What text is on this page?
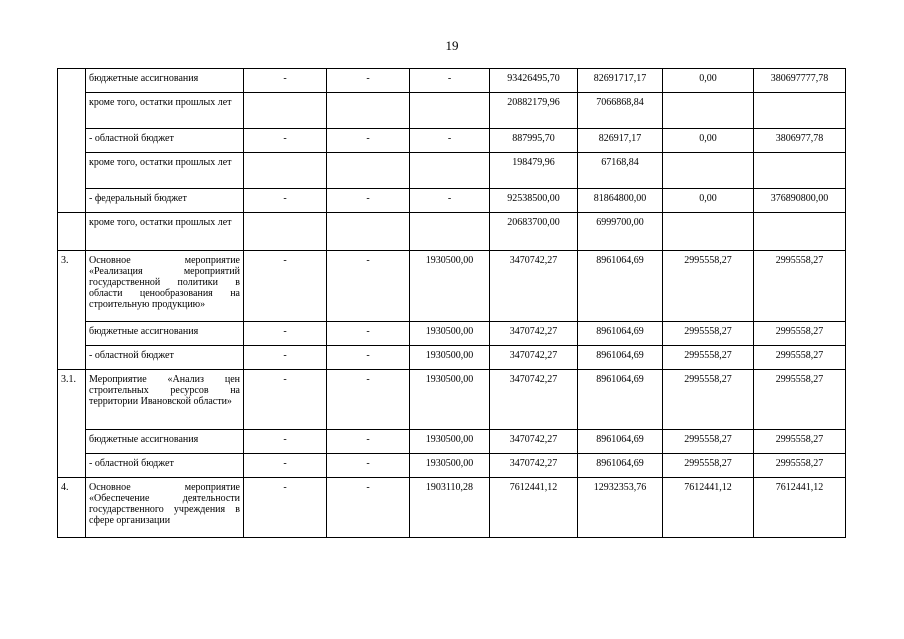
19
	бюджетные ассигнования	-	-	-	93426495,70	82691717,17	0,00	380697777,78
	кроме того, остатки прошлых лет				20882179,96	7066868,84		
	- областной бюджет	-	-	-	887995,70	826917,17	0,00	3806977,78
	кроме того, остатки прошлых лет				198479,96	67168,84		
	- федеральный бюджет	-	-	-	92538500,00	81864800,00	0,00	376890800,00
	кроме того, остатки прошлых лет				20683700,00	6999700,00		
3.	Основное мероприятие «Реализация мероприятий государственной политики в области ценообразования на строительную продукцию»	-	-	1930500,00	3470742,27	8961064,69	2995558,27	2995558,27
	бюджетные ассигнования	-	-	1930500,00	3470742,27	8961064,69	2995558,27	2995558,27
	- областной бюджет	-	-	1930500,00	3470742,27	8961064,69	2995558,27	2995558,27
3.1.	Мероприятие «Анализ цен строительных ресурсов на территории Ивановской области»	-	-	1930500,00	3470742,27	8961064,69	2995558,27	2995558,27
	бюджетные ассигнования	-	-	1930500,00	3470742,27	8961064,69	2995558,27	2995558,27
	- областной бюджет	-	-	1930500,00	3470742,27	8961064,69	2995558,27	2995558,27
4.	Основное мероприятие «Обеспечение деятельности государственного учреждения в сфере организации	-	-	1903110,28	7612441,12	12932353,76	7612441,12	7612441,12
